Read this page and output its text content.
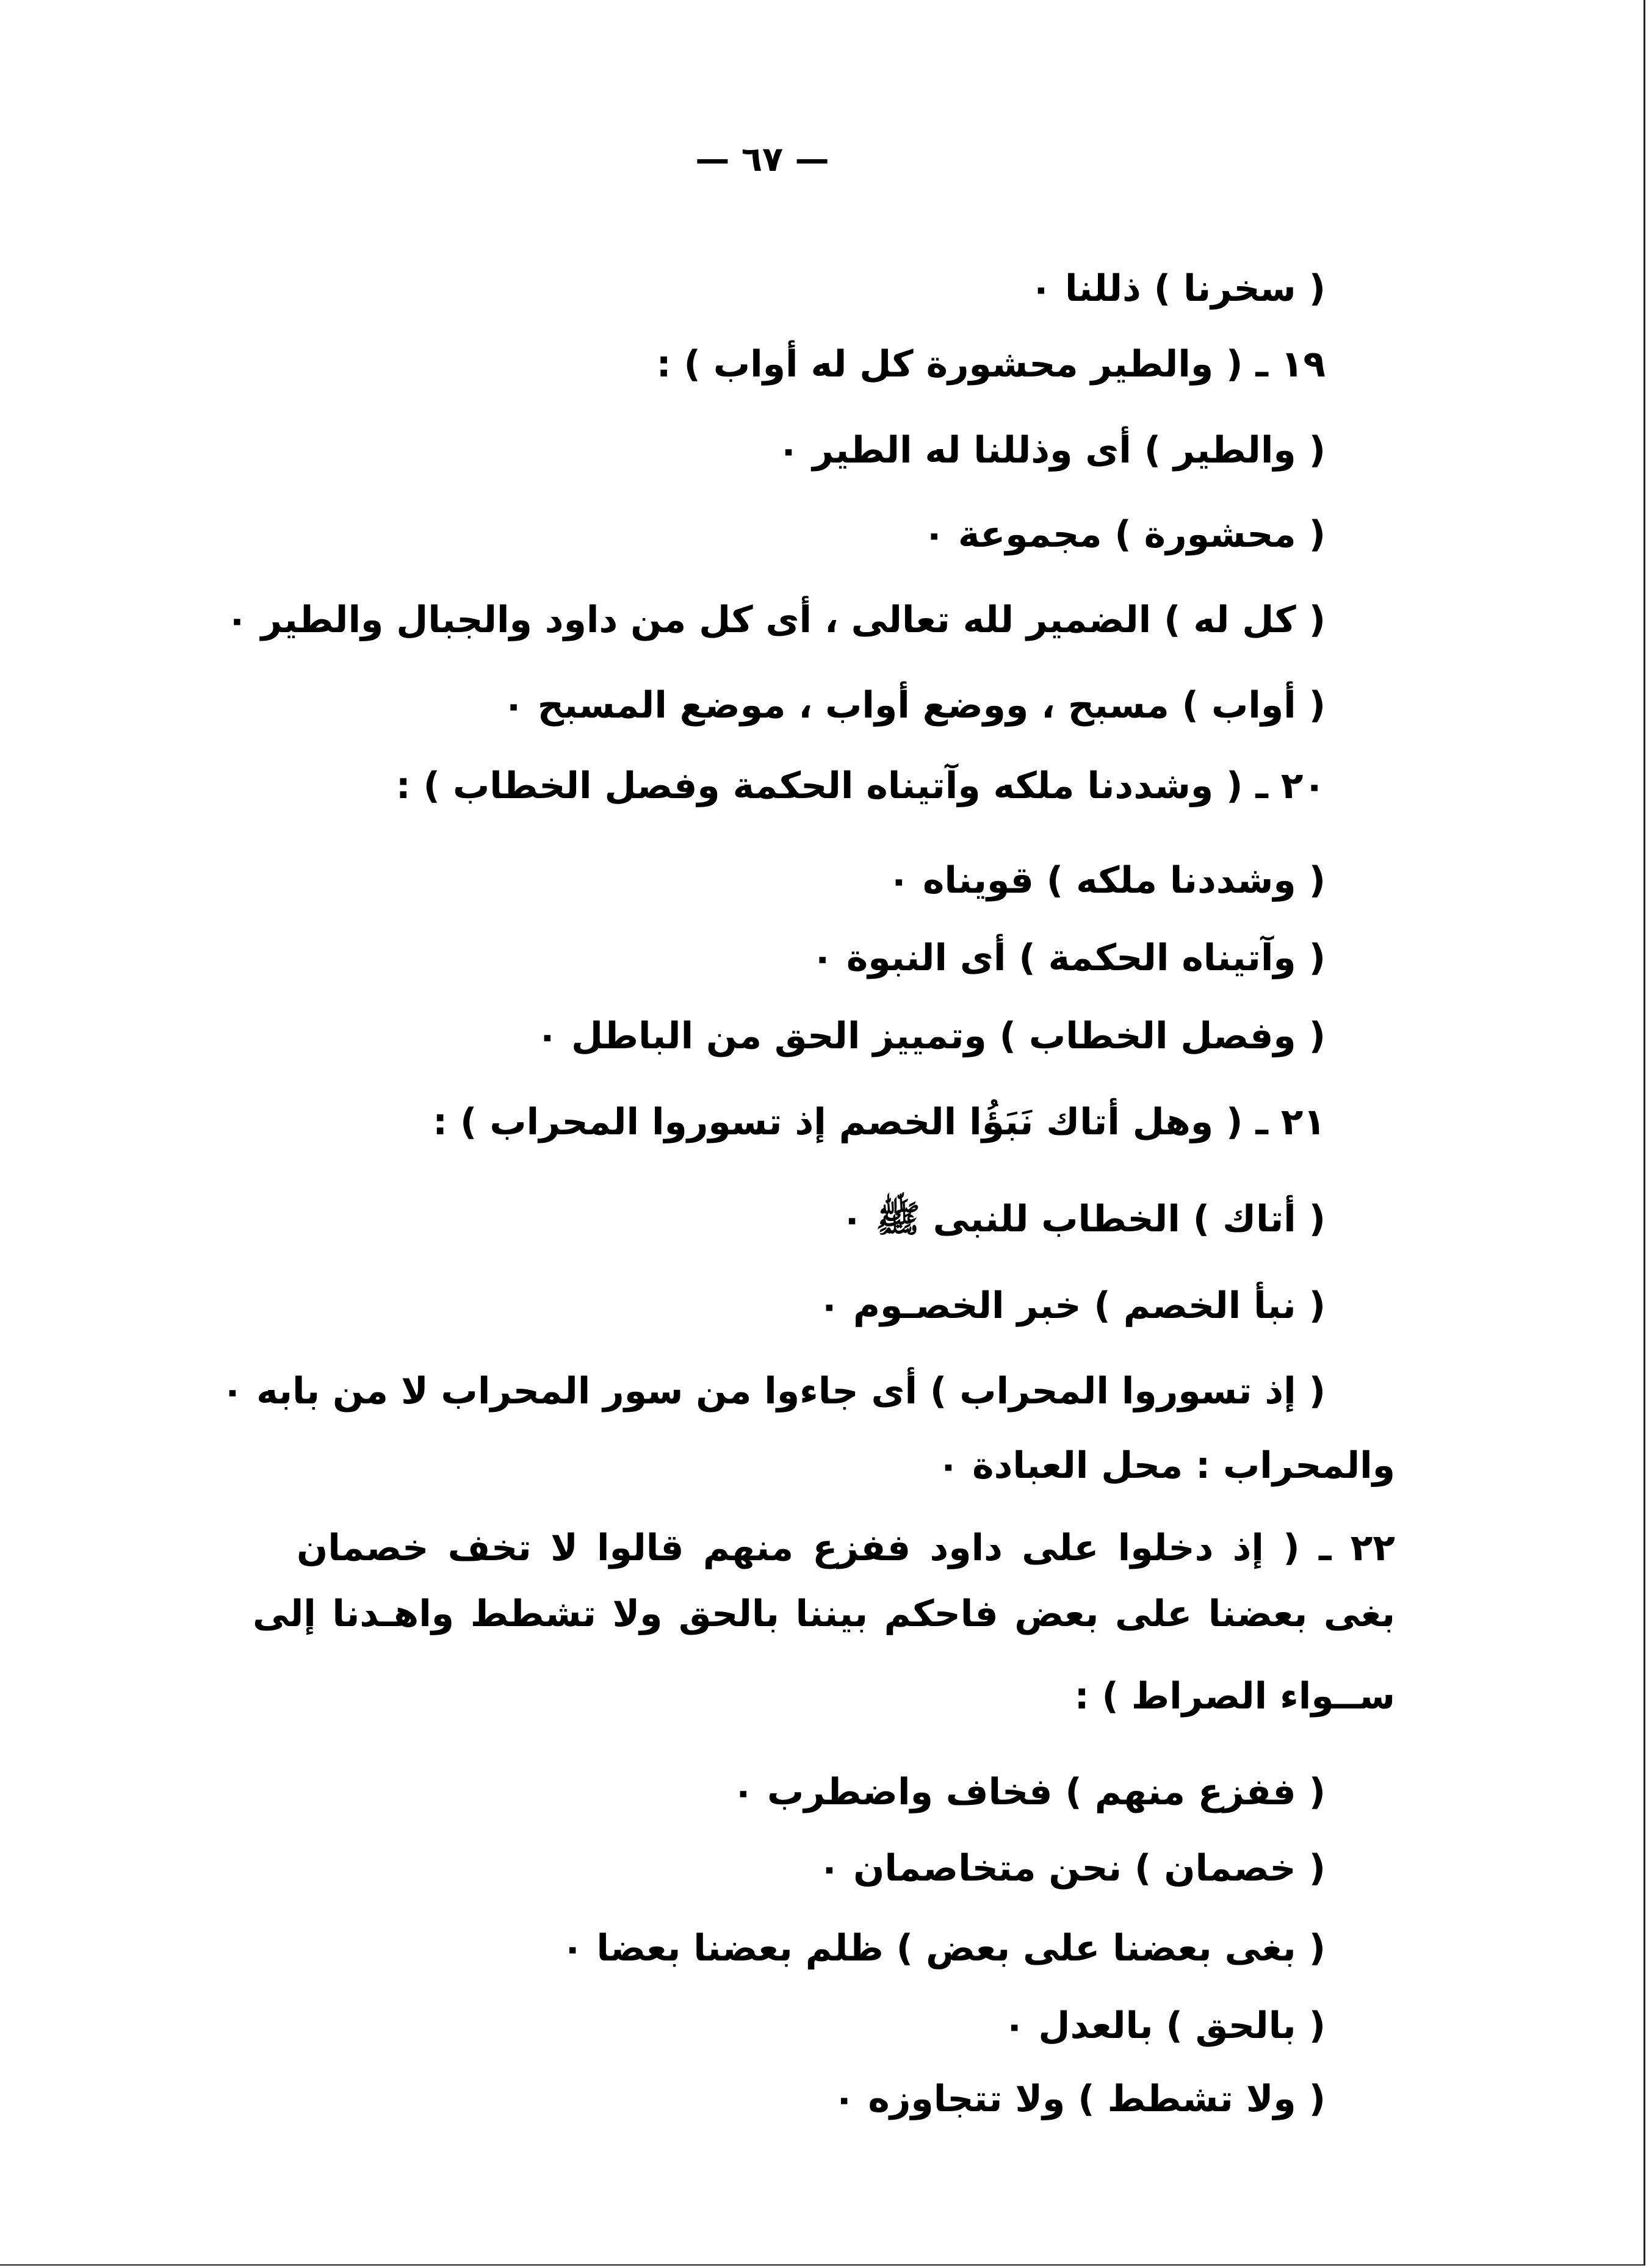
— ٦٧ —
( سخرنا ) ذللنا ٠
١٩ ـ ( والطير محشورة كل له أواب ) :
( والطير ) أى وذللنا له الطير ٠
( محشورة ) مجموعة ٠
( كل له ) الضمير لله تعالى ، أى كل من داود والجبال والطير ٠
( أواب ) مسبح ، ووضع أواب ، موضع المسبح ٠
٢٠ ـ ( وشددنا ملكه وآتيناه الحكمة وفصل الخطاب ) :
( وشددنا ملكه ) قويناه ٠
( وآتيناه الحكمة ) أى النبوة ٠
( وفصل الخطاب ) وتمييز الحق من الباطل ٠
٢١ ـ ( وهل أتاك نَبَؤُا الخصم إذ تسوروا المحراب ) :
( أتاك ) الخطاب للنبى ﷺ ٠
( نبأ الخصم ) خبر الخصـوم ٠
( إذ تسوروا المحراب ) أى جاءوا من سور المحراب لا من بابه ٠
والمحراب : محل العبادة ٠
٢٢ ـ ( إذ دخلوا على داود ففزع منهم قالوا لا تخف خصمان
بغى بعضنا على بعض فاحكم بيننا بالحق ولا تشطط واهـدنا إلى
ســواء الصراط ) :
( ففزع منهم ) فخاف واضطرب ٠
( خصمان ) نحن متخاصمان ٠
( بغى بعضنا على بعض ) ظلم بعضنا بعضا ٠
( بالحق ) بالعدل ٠
( ولا تشطط ) ولا تتجاوزه ٠
